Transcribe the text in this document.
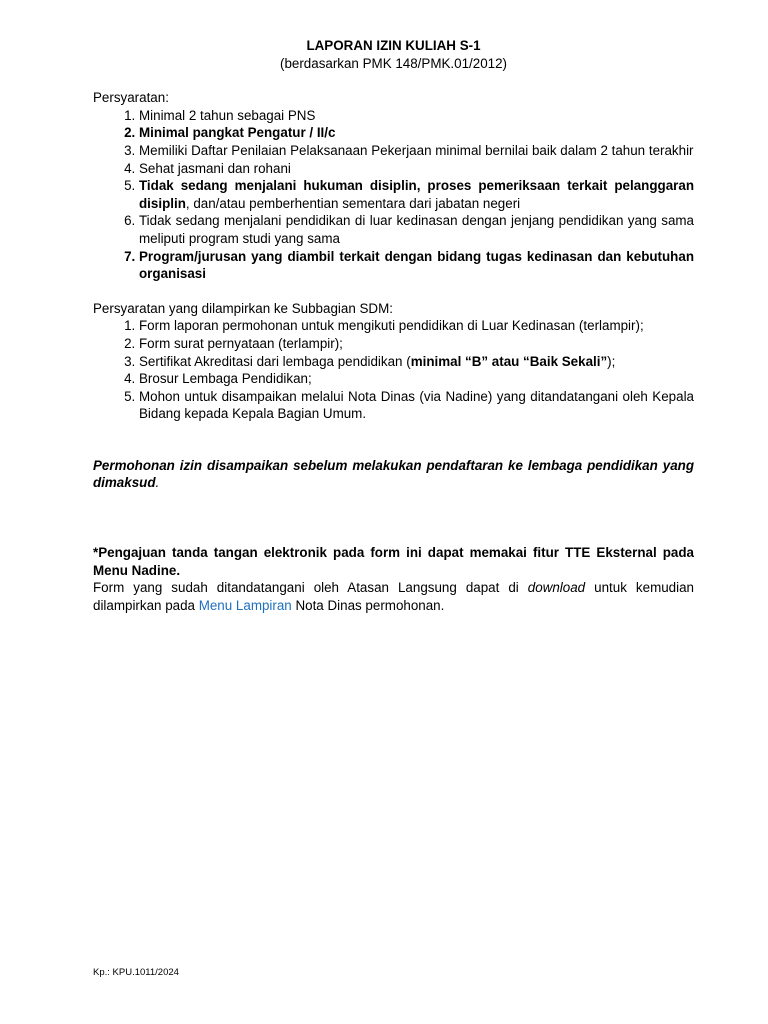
LAPORAN IZIN KULIAH S-1

(berdasarkan PMK 148/PMK.01/2012)

Persyaratan:

1. Minimal 2 tahun sebagai PNS
2. Minimal pangkat Pengatur / II/c
3. Memiliki Daftar Penilaian Pelaksanaan Pekerjaan minimal bernilai baik dalam 2 tahun terakhir
4. Sehat jasmani dan rohani
5. Tidak sedang menjalani hukuman disiplin, proses pemeriksaan terkait pelanggaran disiplin, dan/atau pemberhentian sementara dari jabatan negeri
6. Tidak sedang menjalani pendidikan di luar kedinasan dengan jenjang pendidikan yang sama meliputi program studi yang sama
7. Program/jurusan yang diambil terkait dengan bidang tugas kedinasan dan kebutuhan organisasi

Persyaratan yang dilampirkan ke Subbagian SDM:

1. Form laporan permohonan untuk mengikuti pendidikan di Luar Kedinasan (terlampir);
2. Form surat pernyataan (terlampir);
3. Sertifikat Akreditasi dari lembaga pendidikan (minimal “B” atau “Baik Sekali”);
4. Brosur Lembaga Pendidikan;
5. Mohon untuk disampaikan melalui Nota Dinas (via Nadine) yang ditandatangani oleh Kepala Bidang kepada Kepala Bagian Umum.

Permohonan izin disampaikan sebelum melakukan pendaftaran ke lembaga pendidikan yang dimaksud.

*Pengajuan tanda tangan elektronik pada form ini dapat memakai fitur TTE Eksternal pada Menu Nadine.

Form yang sudah ditandatangani oleh Atasan Langsung dapat di download untuk kemudian dilampirkan pada Menu Lampiran Nota Dinas permohonan.

Kp.: KPU.1011/2024
